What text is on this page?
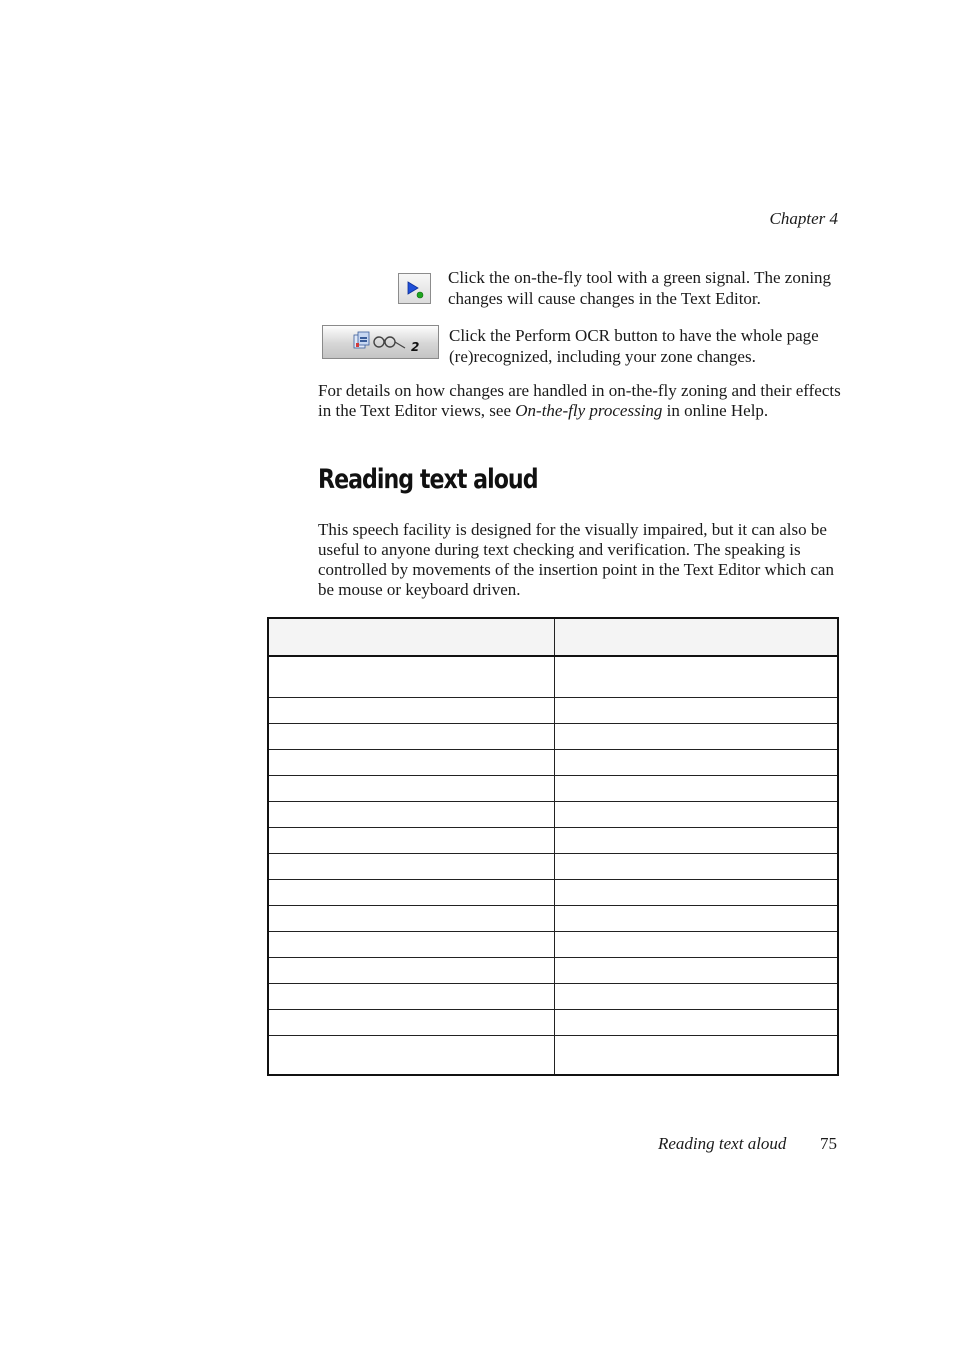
Chapter 4

Click the on-the-fly tool with a green signal. The zoning changes will cause changes in the Text Editor.

2

Click the Perform OCR button to have the whole page (re)recognized, including your zone changes.

For details on how changes are handled in on-the-fly zoning and their effects in the Text Editor views, see On-the-fly processing in online Help.

Reading text aloud

This speech facility is designed for the visually impaired, but it can also be useful to anyone during text checking and verification. The speaking is controlled by movements of the insertion point in the Text Editor which can be mouse or keyboard driven.

Reading text aloud 75
